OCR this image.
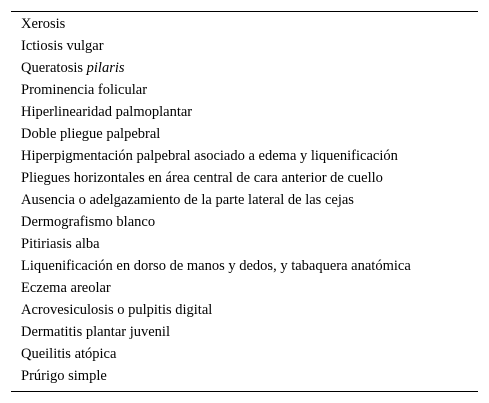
Xerosis
Ictiosis vulgar
Queratosis pilaris
Prominencia folicular
Hiperlinearidad palmoplantar
Doble pliegue palpebral
Hiperpigmentación palpebral asociado a edema y liquenificación
Pliegues horizontales en área central de cara anterior de cuello
Ausencia o adelgazamiento de la parte lateral de las cejas
Dermografismo blanco
Pitiriasis alba
Liquenificación en dorso de manos y dedos, y tabaquera anatómica
Eczema areolar
Acrovesiculosis o pulpitis digital
Dermatitis plantar juvenil
Queilitis atópica
Prúrigo simple
